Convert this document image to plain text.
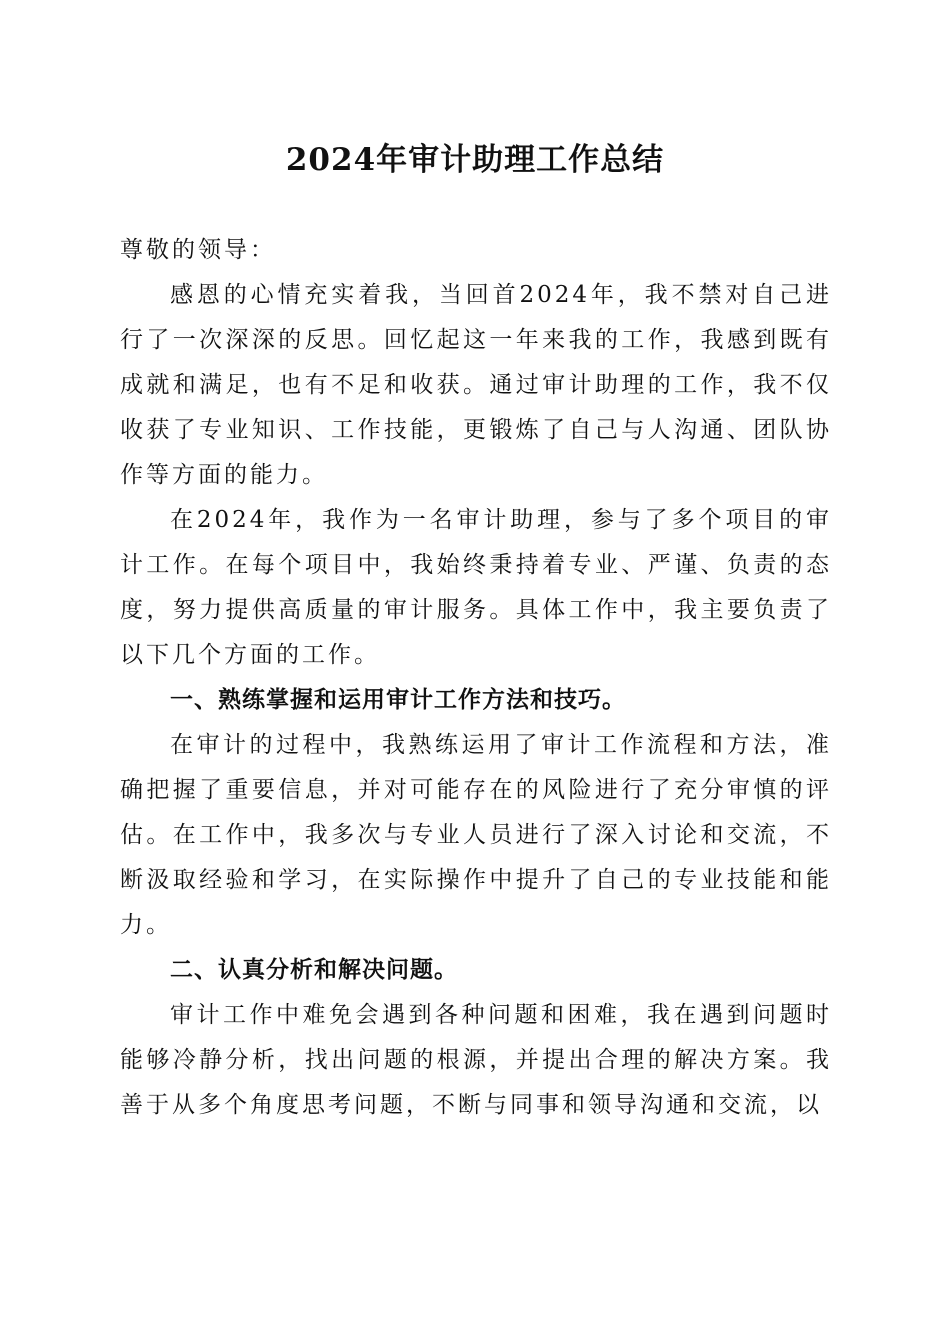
2024年审计助理工作总结

尊敬的领导：

感恩的心情充实着我，当回首2024年，我不禁对自己进行了一次深深的反思。回忆起这一年来我的工作，我感到既有成就和满足，也有不足和收获。通过审计助理的工作，我不仅收获了专业知识、工作技能，更锻炼了自己与人沟通、团队协作等方面的能力。

在2024年，我作为一名审计助理，参与了多个项目的审计工作。在每个项目中，我始终秉持着专业、严谨、负责的态度，努力提供高质量的审计服务。具体工作中，我主要负责了以下几个方面的工作。

一、熟练掌握和运用审计工作方法和技巧。

在审计的过程中，我熟练运用了审计工作流程和方法，准确把握了重要信息，并对可能存在的风险进行了充分审慎的评估。在工作中，我多次与专业人员进行了深入讨论和交流，不断汲取经验和学习，在实际操作中提升了自己的专业技能和能力。

二、认真分析和解决问题。

审计工作中难免会遇到各种问题和困难，我在遇到问题时能够冷静分析，找出问题的根源，并提出合理的解决方案。我善于从多个角度思考问题，不断与同事和领导沟通和交流，以
